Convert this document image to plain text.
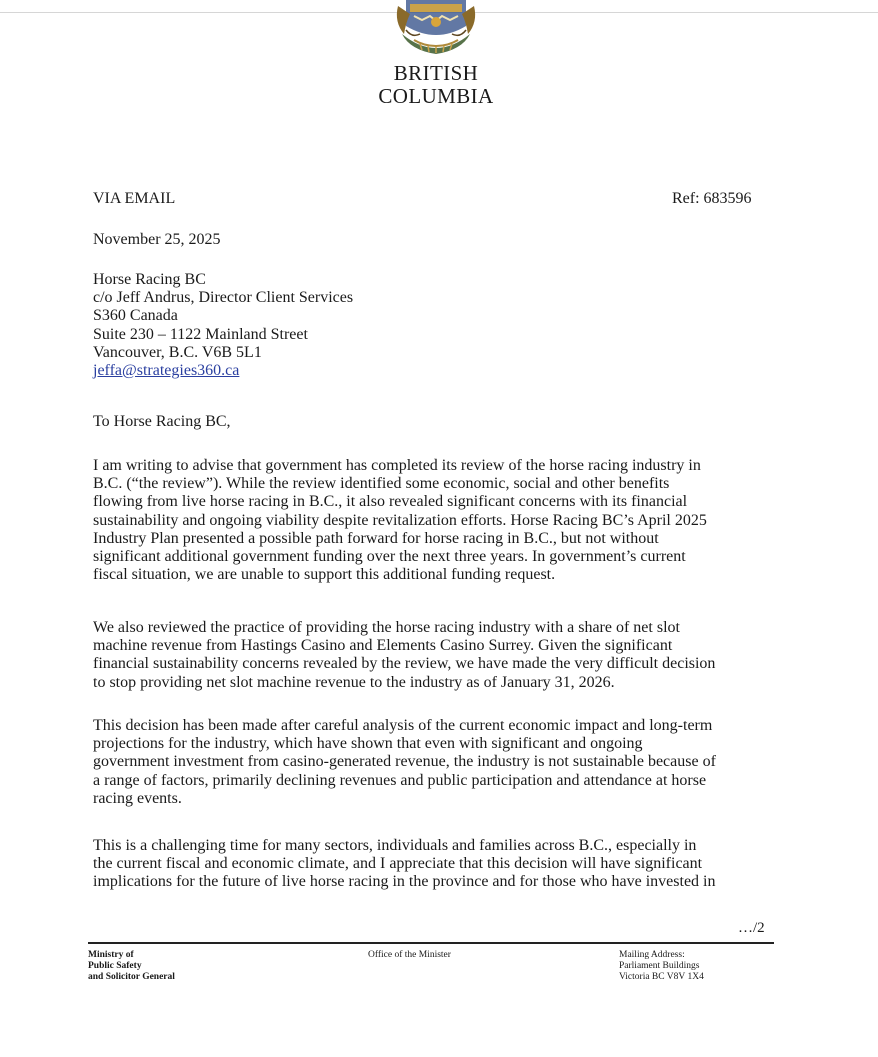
BRITISH
COLUMBIA
VIA EMAIL	Ref: 683596
November 25, 2025
Horse Racing BC
c/o Jeff Andrus, Director Client Services
S360 Canada
Suite 230 – 1122 Mainland Street
Vancouver, B.C. V6B 5L1
jeffa@strategies360.ca
To Horse Racing BC,
I am writing to advise that government has completed its review of the horse racing industry in
B.C. (“the review”). While the review identified some economic, social and other benefits
flowing from live horse racing in B.C., it also revealed significant concerns with its financial
sustainability and ongoing viability despite revitalization efforts. Horse Racing BC’s April 2025
Industry Plan presented a possible path forward for horse racing in B.C., but not without
significant additional government funding over the next three years. In government’s current
fiscal situation, we are unable to support this additional funding request.
We also reviewed the practice of providing the horse racing industry with a share of net slot
machine revenue from Hastings Casino and Elements Casino Surrey. Given the significant
financial sustainability concerns revealed by the review, we have made the very difficult decision
to stop providing net slot machine revenue to the industry as of January 31, 2026.
This decision has been made after careful analysis of the current economic impact and long-term
projections for the industry, which have shown that even with significant and ongoing
government investment from casino-generated revenue, the industry is not sustainable because of
a range of factors, primarily declining revenues and public participation and attendance at horse
racing events.
This is a challenging time for many sectors, individuals and families across B.C., especially in
the current fiscal and economic climate, and I appreciate that this decision will have significant
implications for the future of live horse racing in the province and for those who have invested in
…/2
Ministry of
Public Safety
and Solicitor General
Office of the Minister	Mailing Address:
Parliament Buildings
Victoria BC V8V 1X4
